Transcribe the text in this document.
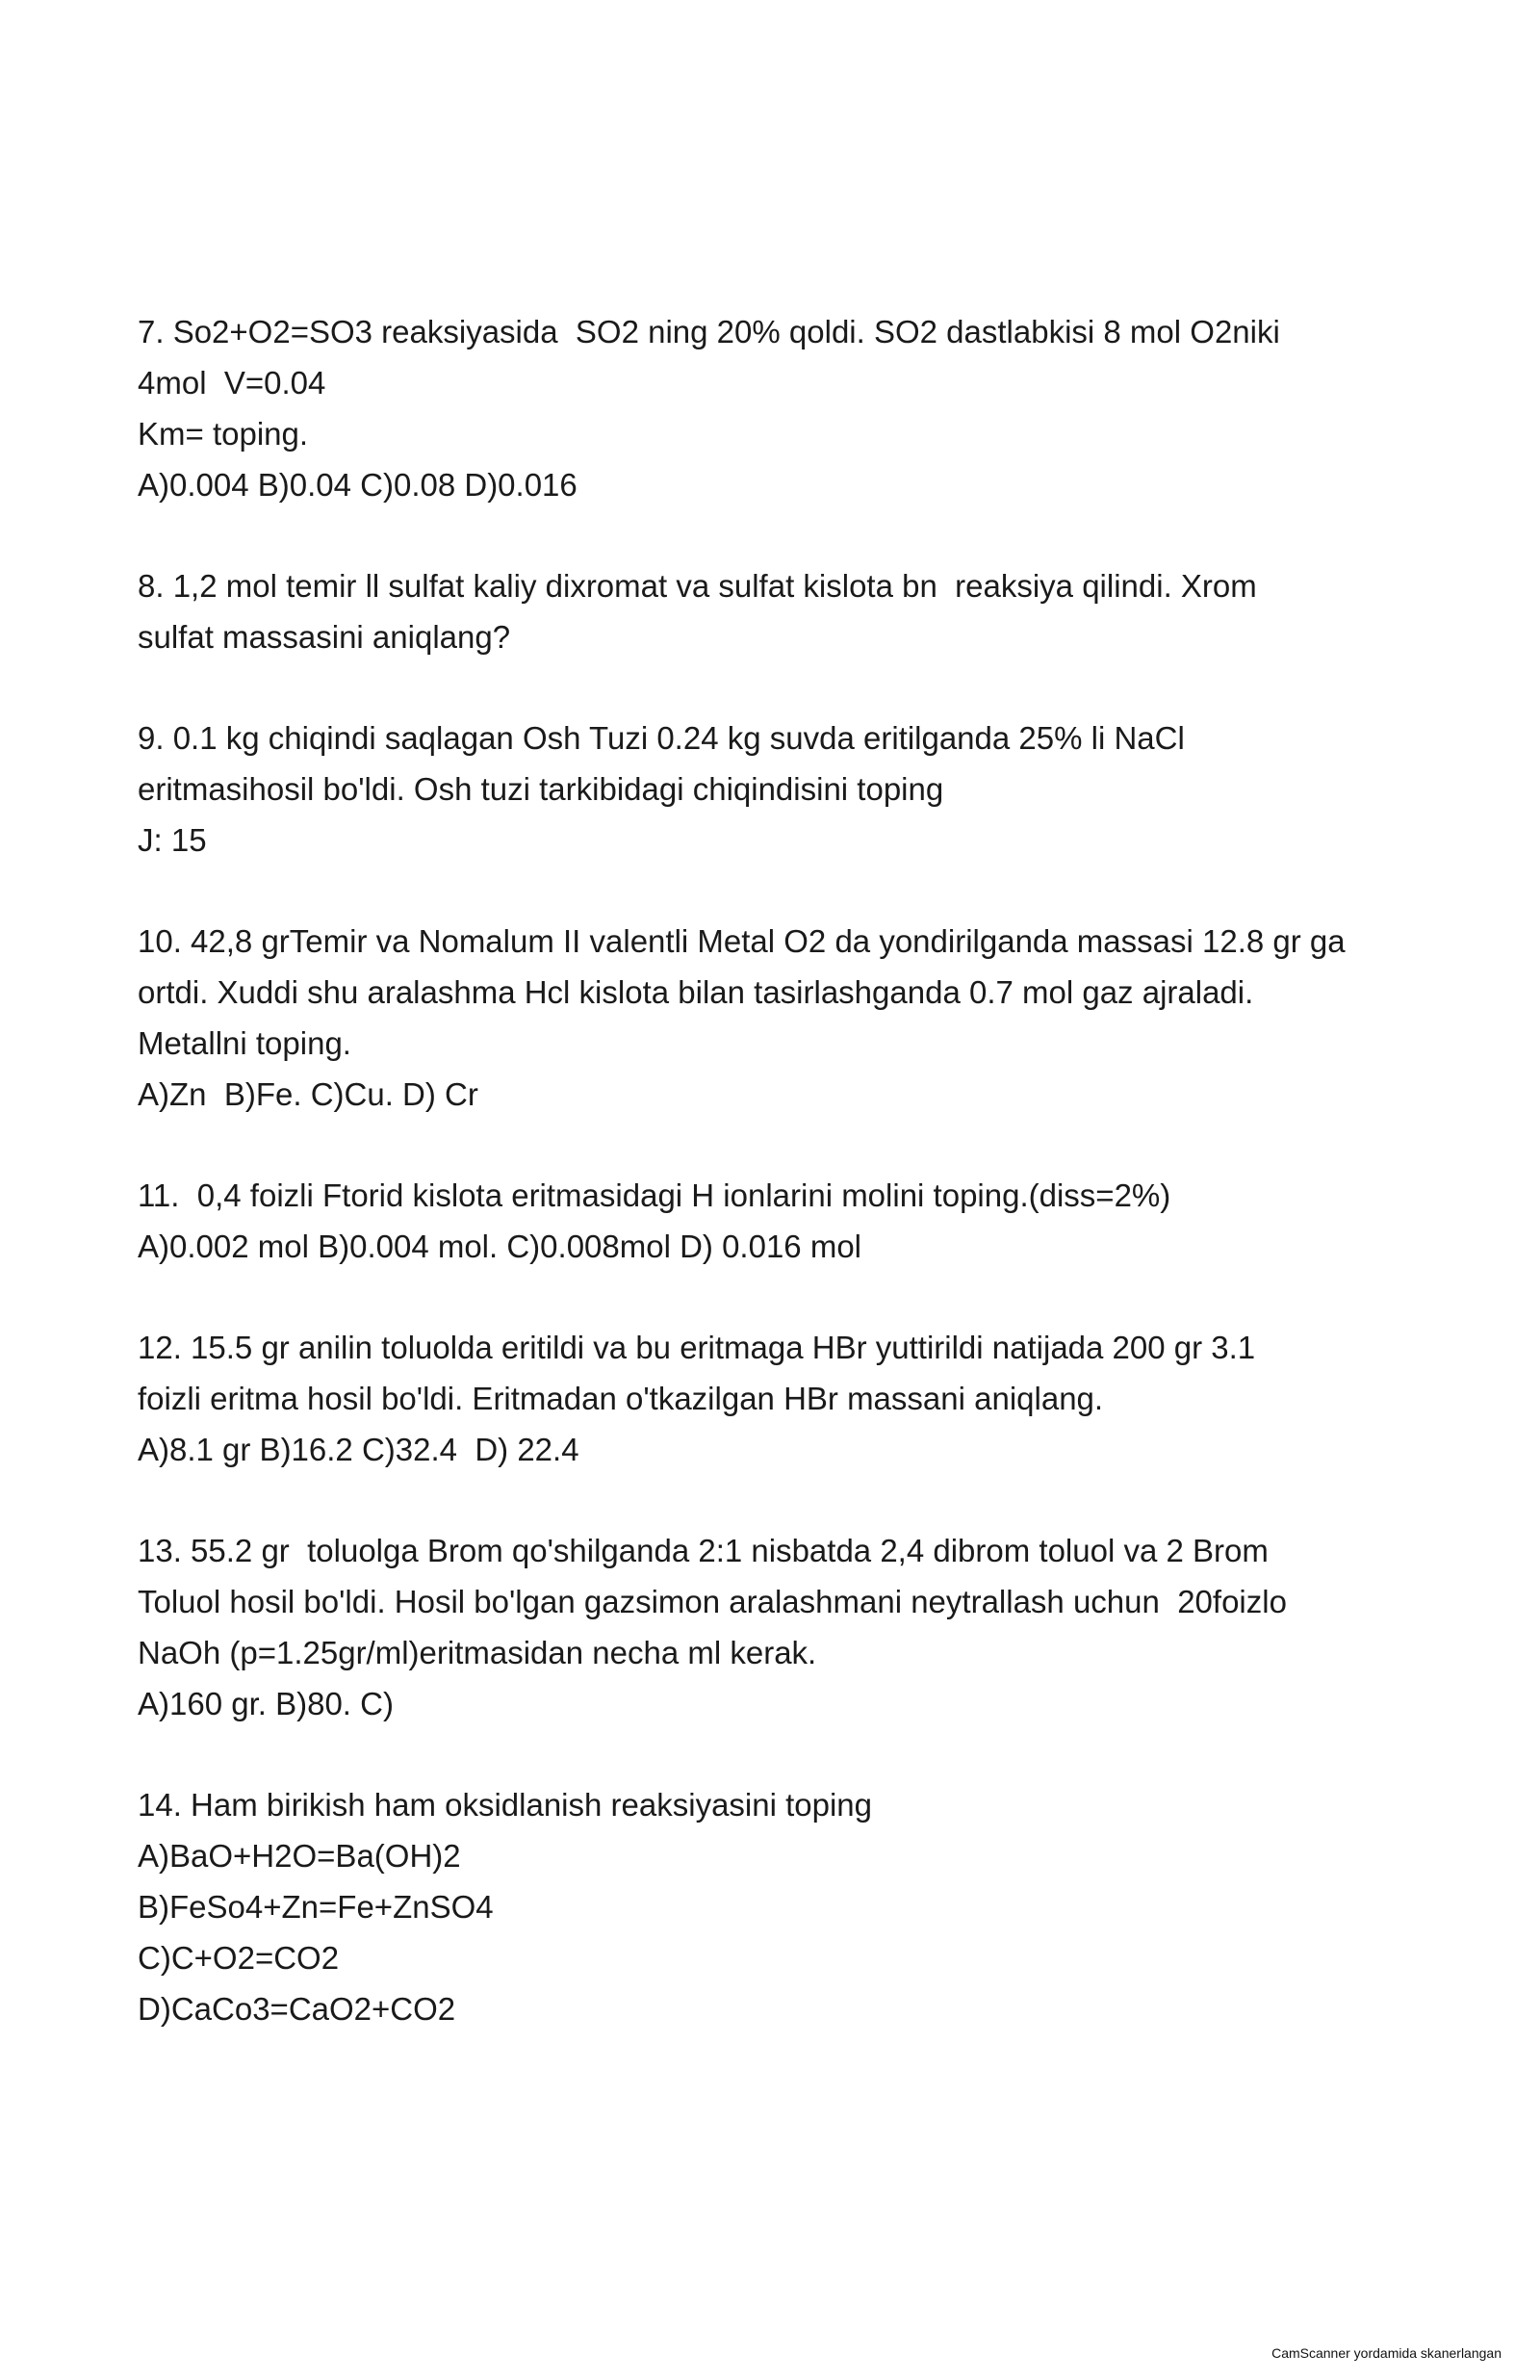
7. So2+O2=SO3 reaksiyasida  SO2 ning 20% qoldi. SO2 dastlabkisi 8 mol O2niki
4mol  V=0.04
Km= toping.
A)0.004 B)0.04 C)0.08 D)0.016
8. 1,2 mol temir ll sulfat kaliy dixromat va sulfat kislota bn  reaksiya qilindi. Xrom
sulfat massasini aniqlang?
9. 0.1 kg chiqindi saqlagan Osh Tuzi 0.24 kg suvda eritilganda 25% li NaCl
eritmasihosil bo'ldi. Osh tuzi tarkibidagi chiqindisini toping
J: 15
10. 42,8 grTemir va Nomalum II valentli Metal O2 da yondirilganda massasi 12.8 gr ga
ortdi. Xuddi shu aralashma Hcl kislota bilan tasirlashganda 0.7 mol gaz ajraladi.
Metallni toping.
A)Zn  B)Fe. C)Cu. D) Cr
11.  0,4 foizli Ftorid kislota eritmasidagi H ionlarini molini toping.(diss=2%)
A)0.002 mol B)0.004 mol. C)0.008mol D) 0.016 mol
12. 15.5 gr anilin toluolda eritildi va bu eritmaga HBr yuttirildi natijada 200 gr 3.1
foizli eritma hosil bo'ldi. Eritmadan o'tkazilgan HBr massani aniqlang.
A)8.1 gr B)16.2 C)32.4  D) 22.4
13. 55.2 gr  toluolga Brom qo'shilganda 2:1 nisbatda 2,4 dibrom toluol va 2 Brom
Toluol hosil bo'ldi. Hosil bo'lgan gazsimon aralashmani neytrallash uchun  20foizlo
NaOh (p=1.25gr/ml)eritmasidan necha ml kerak.
A)160 gr. B)80. C)
14. Ham birikish ham oksidlanish reaksiyasini toping
A)BaO+H2O=Ba(OH)2
B)FeSo4+Zn=Fe+ZnSO4
C)C+O2=CO2
D)CaCo3=CaO2+CO2
CamScanner yordamida skanerlangan
